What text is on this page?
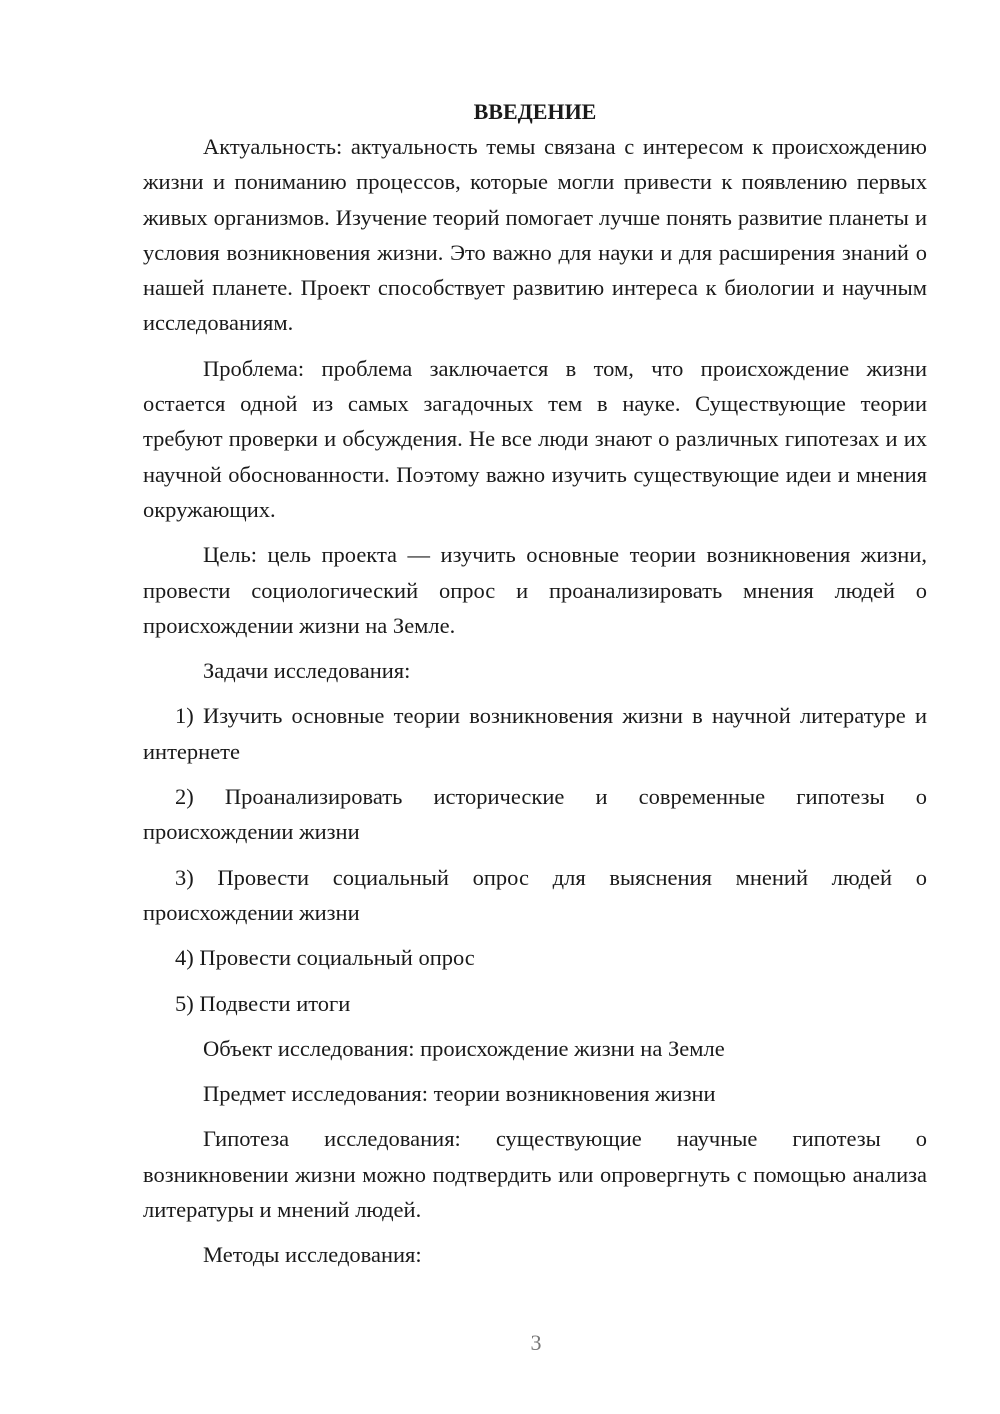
ВВЕДЕНИЕ

Актуальность: актуальность темы связана с интересом к происхождению жизни и пониманию процессов, которые могли привести к появлению первых живых организмов. Изучение теорий помогает лучше понять развитие планеты и условия возникновения жизни. Это важно для науки и для расширения знаний о нашей планете. Проект способствует развитию интереса к биологии и научным исследованиям.

Проблема: проблема заключается в том, что происхождение жизни остается одной из самых загадочных тем в науке. Существующие теории требуют проверки и обсуждения. Не все люди знают о различных гипотезах и их научной обоснованности. Поэтому важно изучить существующие идеи и мнения окружающих.

Цель: цель проекта — изучить основные теории возникновения жизни, провести социологический опрос и проанализировать мнения людей о происхождении жизни на Земле.

Задачи исследования:

1) Изучить основные теории возникновения жизни в научной литературе и интернете

2) Проанализировать исторические и современные гипотезы о происхождении жизни

3) Провести социальный опрос для выяснения мнений людей о происхождении жизни

4) Провести социальный опрос

5) Подвести итоги

Объект исследования: происхождение жизни на Земле

Предмет исследования: теории возникновения жизни

Гипотеза исследования: существующие научные гипотезы о возникновении жизни можно подтвердить или опровергнуть с помощью анализа литературы и мнений людей.

Методы исследования:

3
